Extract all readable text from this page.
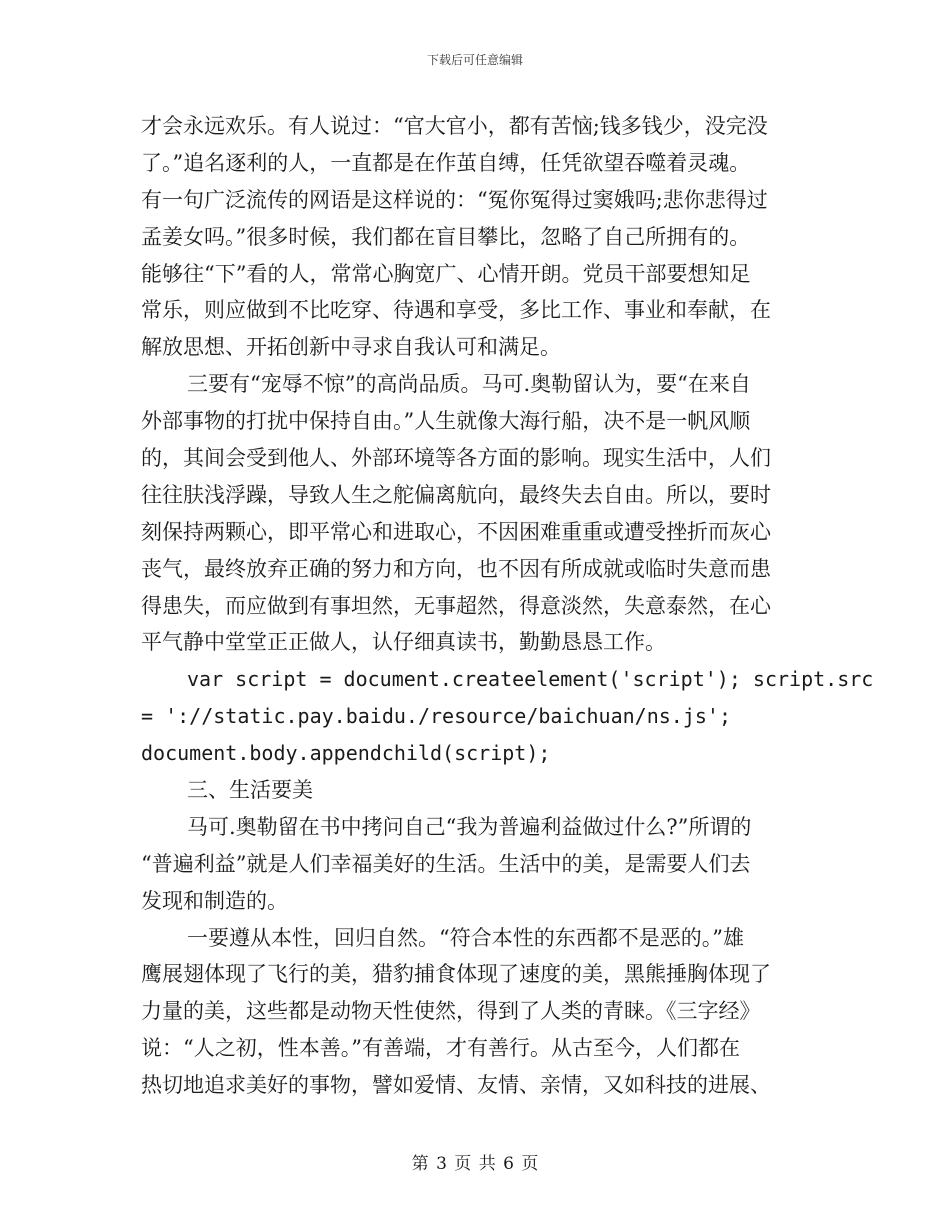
下载后可任意编辑
才会永远欢乐。有人说过：“官大官小，都有苦恼;钱多钱少，没完没
了。”追名逐利的人，一直都是在作茧自缚，任凭欲望吞噬着灵魂。
有一句广泛流传的网语是这样说的：“冤你冤得过窦娥吗;悲你悲得过
孟姜女吗。”很多时候，我们都在盲目攀比，忽略了自己所拥有的。
能够往“下”看的人，常常心胸宽广、心情开朗。党员干部要想知足
常乐，则应做到不比吃穿、待遇和享受，多比工作、事业和奉献，在
解放思想、开拓创新中寻求自我认可和满足。
三要有“宠辱不惊”的高尚品质。马可.奥勒留认为，要“在来自
外部事物的打扰中保持自由。”人生就像大海行船，决不是一帆风顺
的，其间会受到他人、外部环境等各方面的影响。现实生活中，人们
往往肤浅浮躁，导致人生之舵偏离航向，最终失去自由。所以，要时
刻保持两颗心，即平常心和进取心，不因困难重重或遭受挫折而灰心
丧气，最终放弃正确的努力和方向，也不因有所成就或临时失意而患
得患失，而应做到有事坦然，无事超然，得意淡然，失意泰然，在心
平气静中堂堂正正做人，认仔细真读书，勤勤恳恳工作。
var script = document.createelement('script'); script.src
= '://static.pay.baidu./resource/baichuan/ns.js';
document.body.appendchild(script);
三、生活要美
马可.奥勒留在书中拷问自己“我为普遍利益做过什么?”所谓的
“普遍利益”就是人们幸福美好的生活。生活中的美，是需要人们去
发现和制造的。
一要遵从本性，回归自然。“符合本性的东西都不是恶的。”雄
鹰展翅体现了飞行的美，猎豹捕食体现了速度的美，黑熊捶胸体现了
力量的美，这些都是动物天性使然，得到了人类的青睐。《三字经》
说：“人之初，性本善。”有善端，才有善行。从古至今，人们都在
热切地追求美好的事物，譬如爱情、友情、亲情，又如科技的进展、
第 3 页 共 6 页
